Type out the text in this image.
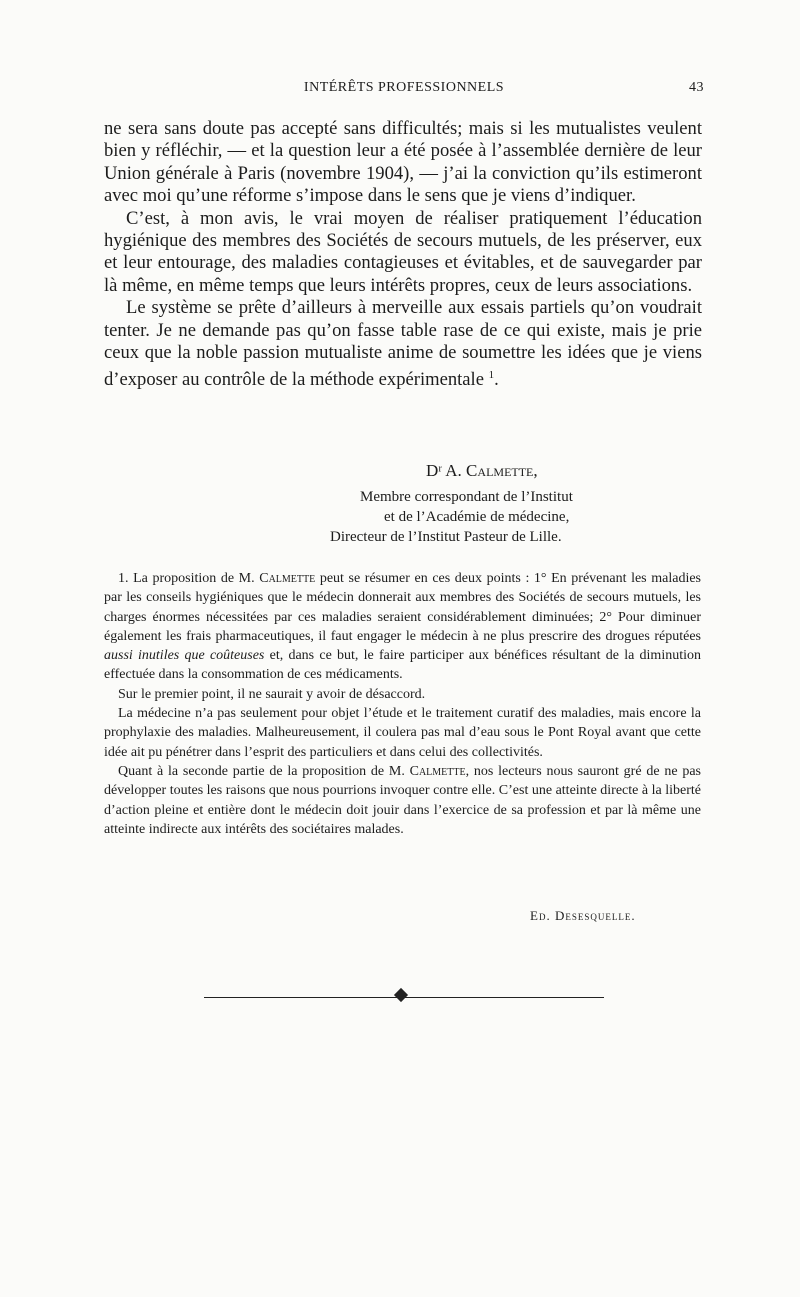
INTÉRÊTS PROFESSIONNELS	43

ne sera sans doute pas accepté sans difficultés; mais si les mutualistes veulent bien y réfléchir, — et la question leur a été posée à l’assemblée dernière de leur Union générale à Paris (novembre 1904), — j’ai la conviction qu’ils estimeront avec moi qu’une réforme s’impose dans le sens que je viens d’indiquer.

C’est, à mon avis, le vrai moyen de réaliser pratiquement l’éducation hygiénique des membres des Sociétés de secours mutuels, de les préserver, eux et leur entourage, des maladies contagieuses et évitables, et de sauvegarder par là même, en même temps que leurs intérêts propres, ceux de leurs associations.

Le système se prête d’ailleurs à merveille aux essais partiels qu’on voudrait tenter. Je ne demande pas qu’on fasse table rase de ce qui existe, mais je prie ceux que la noble passion mutualiste anime de soumettre les idées que je viens d’exposer au contrôle de la méthode expérimentale $^1$.

Dʳ A. Calmette,
Membre correspondant de l’Institut
et de l’Académie de médecine,
Directeur de l’Institut Pasteur de Lille.

1. La proposition de M. Calmette peut se résumer en ces deux points : 1° En prévenant les maladies par les conseils hygiéniques que le médecin donnerait aux membres des Sociétés de secours mutuels, les charges énormes nécessitées par ces maladies seraient considérablement diminuées; 2° Pour diminuer également les frais pharmaceutiques, il faut engager le médecin à ne plus prescrire des drogues réputées aussi inutiles que coûteuses et, dans ce but, le faire participer aux bénéfices résultant de la diminution effectuée dans la consommation de ces médicaments.

Sur le premier point, il ne saurait y avoir de désaccord.

La médecine n’a pas seulement pour objet l’étude et le traitement curatif des maladies, mais encore la prophylaxie des maladies. Malheureusement, il coulera pas mal d’eau sous le Pont Royal avant que cette idée ait pu pénétrer dans l’esprit des particuliers et dans celui des collectivités.

Quant à la seconde partie de la proposition de M. Calmette, nos lecteurs nous sauront gré de ne pas développer toutes les raisons que nous pourrions invoquer contre elle. C’est une atteinte directe à la liberté d’action pleine et entière dont le médecin doit jouir dans l’exercice de sa profession et par là même une atteinte indirecte aux intérêts des sociétaires malades.

Ed. Desesquelle.
